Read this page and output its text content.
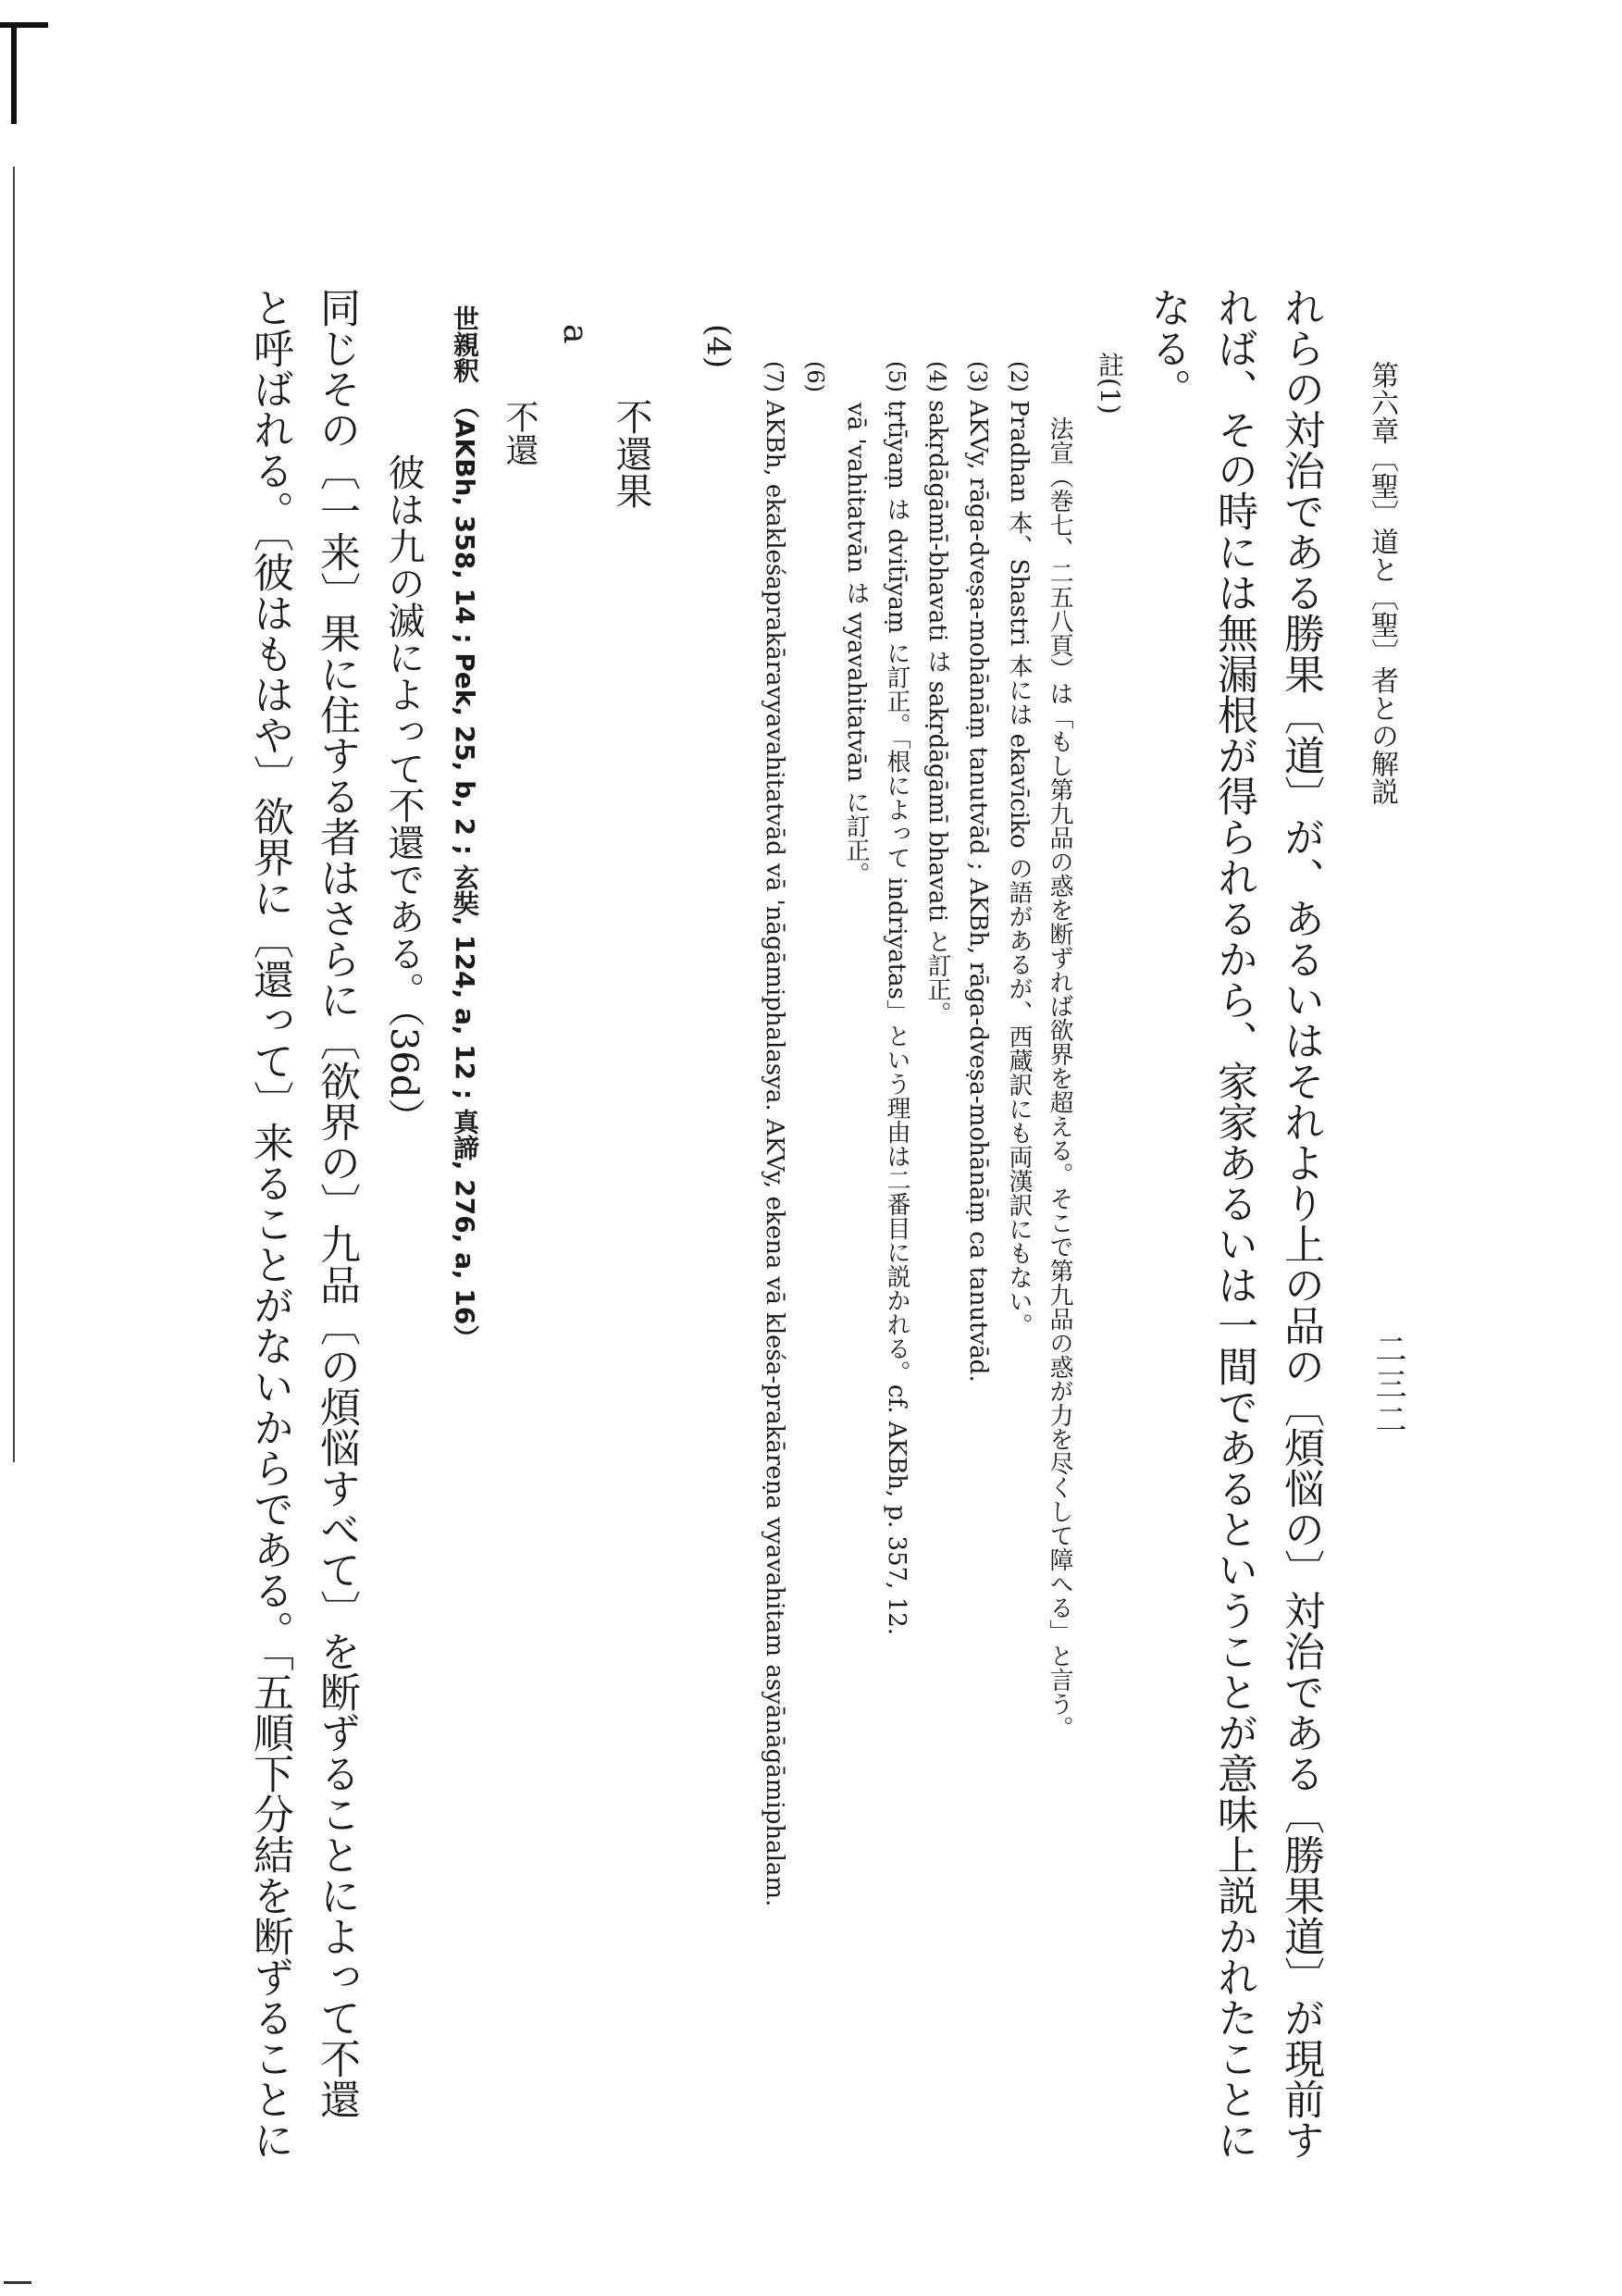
二三二
第六章〔聖〕道と〔聖〕者との解説
れらの対治である勝果〔道〕が、あるいはそれより上の品の〔煩悩の〕対治である〔勝果道〕が現前す
れば、その時には無漏根が得られるから、家家あるいは一間であるということが意味上説かれたことに
なる。
註(1)
法宣（巻七、二五八頁）は「もし第九品の惑を断ずれば欲界を超える。そこで第九品の惑が力を尽くして障へる」と言う。
(2) Pradhan 本、Shastri 本には ekavīciko の語があるが、西蔵訳にも両漢訳にもない。
(3) AKVy, rāga-dveṣa-mohānāṃ tanutvād ; AKBh, rāga-dveṣa-mohānāṃ ca tanutvād.
(4) sakṛdāgāmī-bhavati は sakṛdāgāmī bhavati と訂正。
(5) tṛtīyaṃ は dvitīyaṃ に訂正。「根によって indriyatas」という理由は二番目に説かれる。cf. AKBh, p. 357, 12.
vā 'vahitatvān は vyavahitatvān に訂正。
(6)
(7) AKBh, ekakleśaprakāravyavahitatvād vā 'nāgāmiphalasya. AKVy, ekena vā kleśa-prakāreṇa vyavahitam asyānāgāmiphalam.
(4)
不還果
a
不還
世親釈 （AKBh, 358, 14 ; Pek, 25, b, 2 ; 玄奘, 124, a, 12 ; 真諦, 276, a, 16）
彼は九の滅によって不還である。（36d）
同じその〔一来〕果に住する者はさらに〔欲界の〕九品〔の煩悩すべて〕を断ずることによって不還
と呼ばれる。〔彼はもはや〕欲界に〔還って〕来ることがないからである。「五順下分結を断ずることに
